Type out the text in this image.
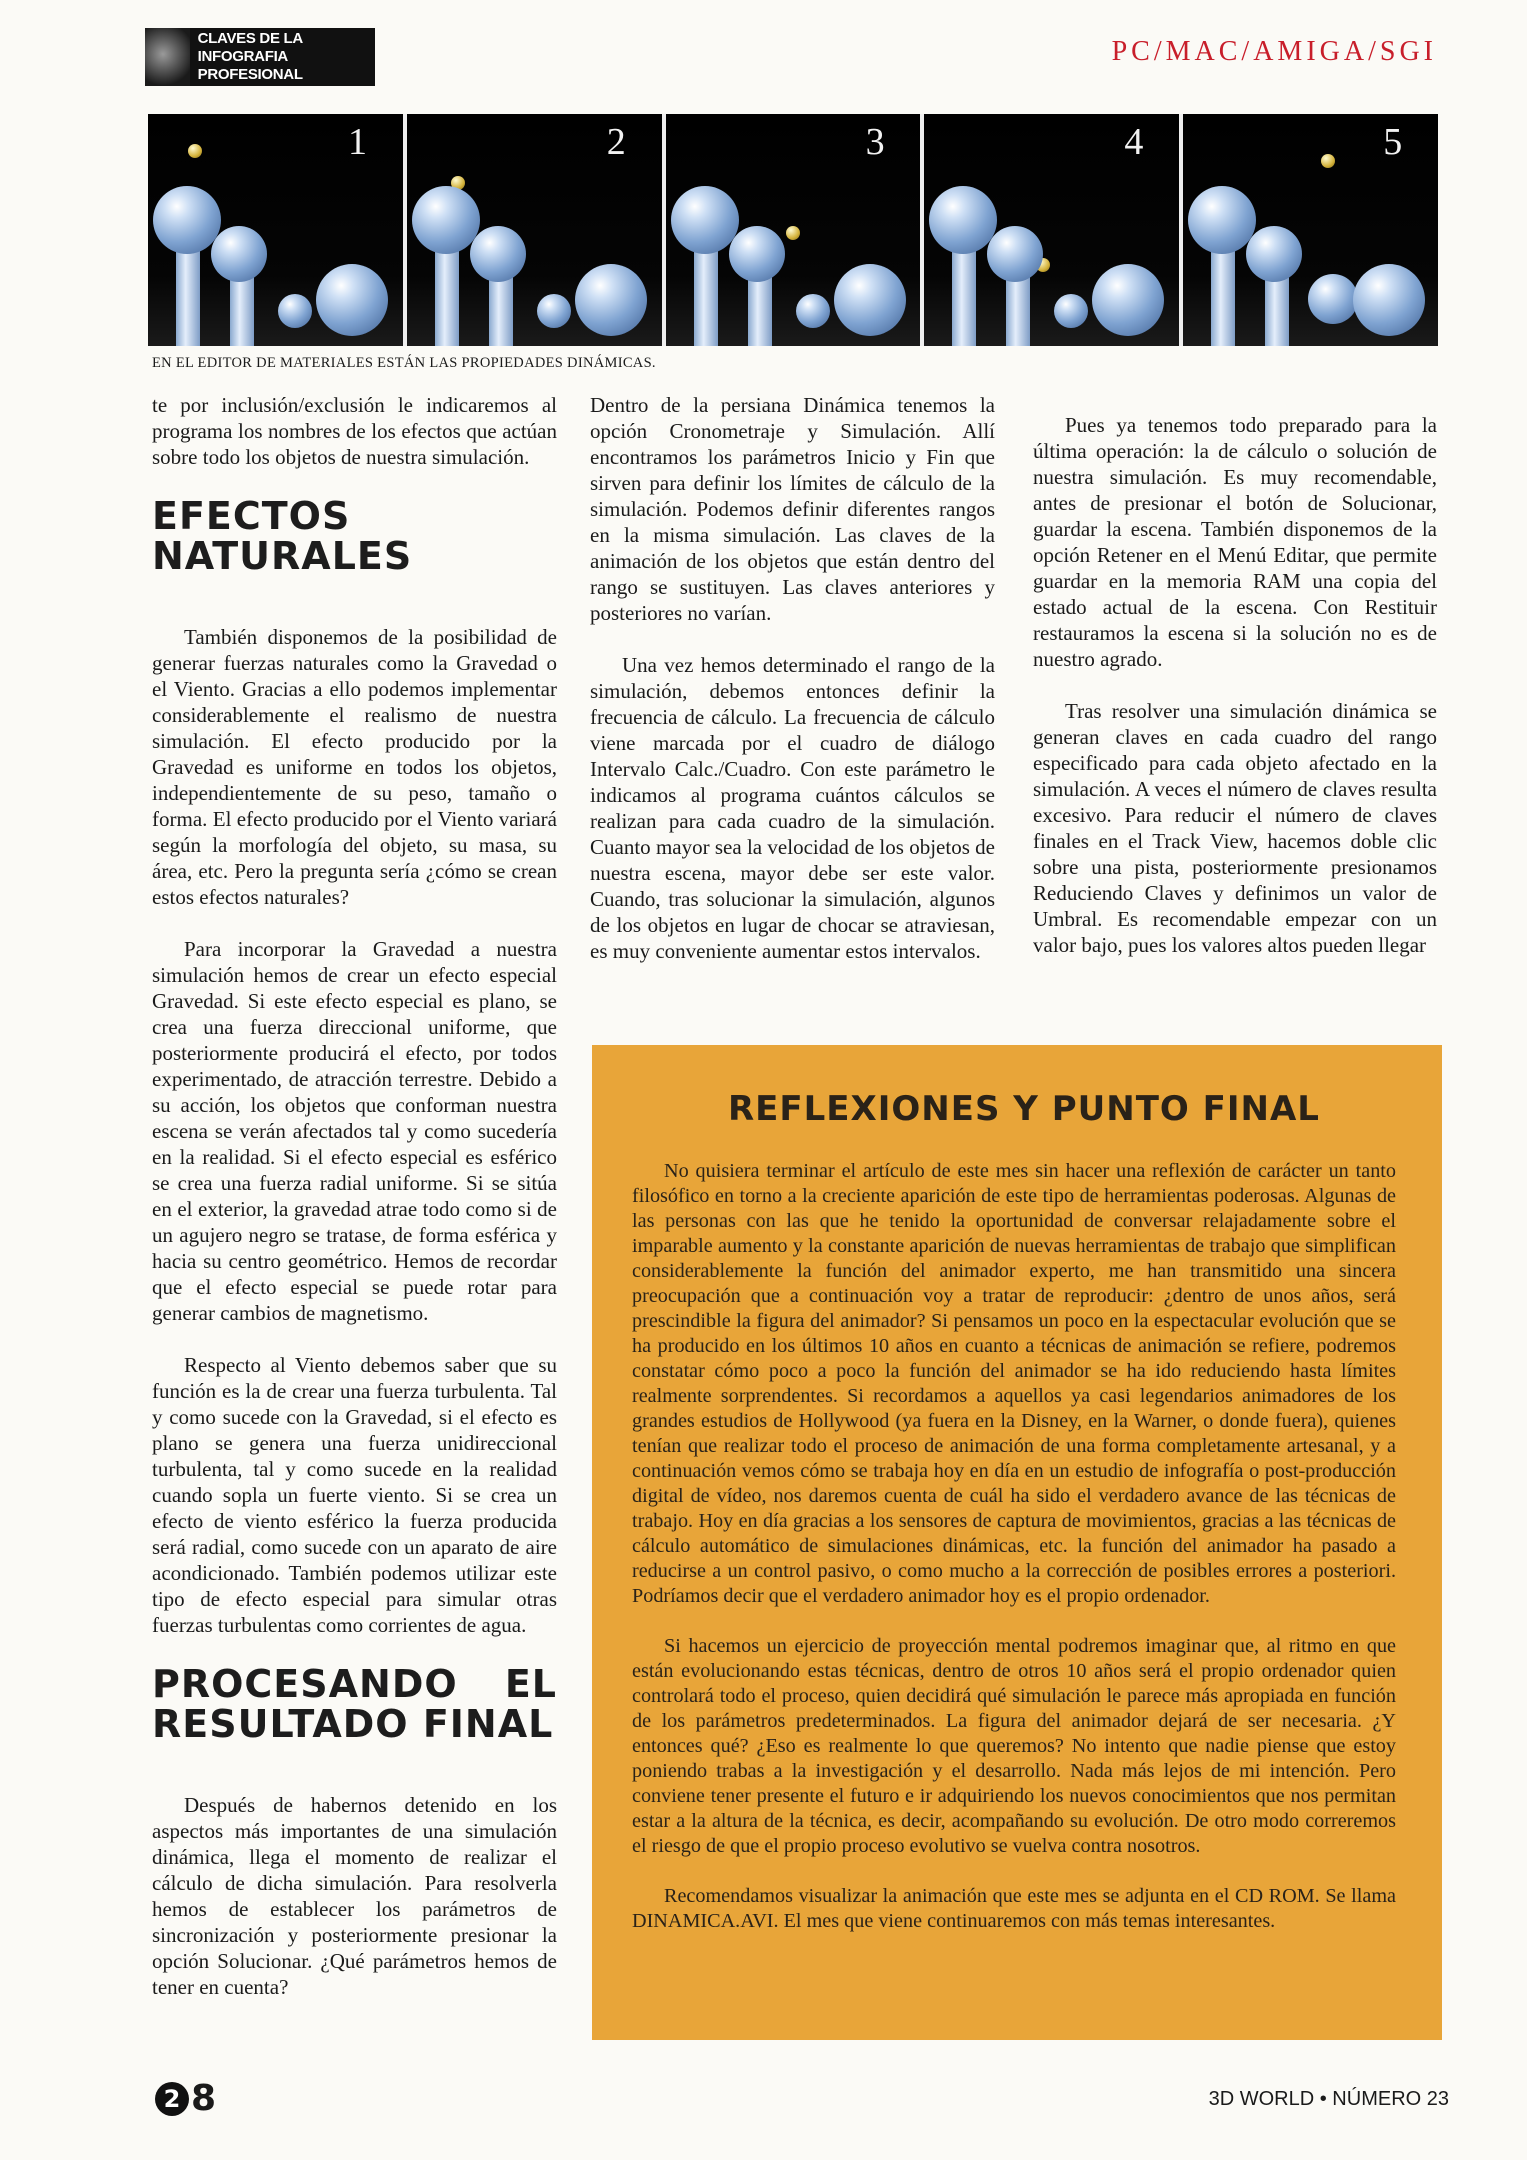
CLAVES DE LA
INFOGRAFIA PROFESIONAL
PC/MAC/AMIGA/SGI
1	2	3	4	5
EN EL EDITOR DE MATERIALES ESTÁN LAS PROPIEDADES DINÁMICAS.

te por inclusión/exclusión le indicaremos al programa los nombres de los efectos que actúan sobre todo los objetos de nuestra simulación.

EFECTOS NATURALES

También disponemos de la posibilidad de generar fuerzas naturales como la Gravedad o el Viento. Gracias a ello podemos implementar considerablemente el realismo de nuestra simulación. El efecto producido por la Gravedad es uniforme en todos los objetos, independientemente de su peso, tamaño o forma. El efecto producido por el Viento variará según la morfología del objeto, su masa, su área, etc. Pero la pregunta sería ¿cómo se crean estos efectos naturales?

Para incorporar la Gravedad a nuestra simulación hemos de crear un efecto especial Gravedad. Si este efecto especial es plano, se crea una fuerza direccional uniforme, que posteriormente producirá el efecto, por todos experimentado, de atracción terrestre. Debido a su acción, los objetos que conforman nuestra escena se verán afectados tal y como sucedería en la realidad. Si el efecto especial es esférico se crea una fuerza radial uniforme. Si se sitúa en el exterior, la gravedad atrae todo como si de un agujero negro se tratase, de forma esférica y hacia su centro geométrico. Hemos de recordar que el efecto especial se puede rotar para generar cambios de magnetismo.

Respecto al Viento debemos saber que su función es la de crear una fuerza turbulenta. Tal y como sucede con la Gravedad, si el efecto es plano se genera una fuerza unidireccional turbulenta, tal y como sucede en la realidad cuando sopla un fuerte viento. Si se crea un efecto de viento esférico la fuerza producida será radial, como sucede con un aparato de aire acondicionado. También podemos utilizar este tipo de efecto especial para simular otras fuerzas turbulentas como corrientes de agua.

PROCESANDO EL RESULTADO FINAL

Después de habernos detenido en los aspectos más importantes de una simulación dinámica, llega el momento de realizar el cálculo de dicha simulación. Para resolverla hemos de establecer los parámetros de sincronización y posteriormente presionar la opción Solucionar. ¿Qué parámetros hemos de tener en cuenta?

Dentro de la persiana Dinámica tenemos la opción Cronometraje y Simulación. Allí encontramos los parámetros Inicio y Fin que sirven para definir los límites de cálculo de la simulación. Podemos definir diferentes rangos en la misma simulación. Las claves de la animación de los objetos que están dentro del rango se sustituyen. Las claves anteriores y posteriores no varían.

Una vez hemos determinado el rango de la simulación, debemos entonces definir la frecuencia de cálculo. La frecuencia de cálculo viene marcada por el cuadro de diálogo Intervalo Calc./Cuadro. Con este parámetro le indicamos al programa cuántos cálculos se realizan para cada cuadro de la simulación. Cuanto mayor sea la velocidad de los objetos de nuestra escena, mayor debe ser este valor. Cuando, tras solucionar la simulación, algunos de los objetos en lugar de chocar se atraviesan, es muy conveniente aumentar estos intervalos.

Pues ya tenemos todo preparado para la última operación: la de cálculo o solución de nuestra simulación. Es muy recomendable, antes de presionar el botón de Solucionar, guardar la escena. También disponemos de la opción Retener en el Menú Editar, que permite guardar en la memoria RAM una copia del estado actual de la escena. Con Restituir restauramos la escena si la solución no es de nuestro agrado.

Tras resolver una simulación dinámica se generan claves en cada cuadro del rango especificado para cada objeto afectado en la simulación. A veces el número de claves resulta excesivo. Para reducir el número de claves finales en el Track View, hacemos doble clic sobre una pista, posteriormente presionamos Reduciendo Claves y definimos un valor de Umbral. Es recomendable empezar con un valor bajo, pues los valores altos pueden llegar

REFLEXIONES Y PUNTO FINAL

No quisiera terminar el artículo de este mes sin hacer una reflexión de carácter un tanto filosófico en torno a la creciente aparición de este tipo de herramientas poderosas. Algunas de las personas con las que he tenido la oportunidad de conversar relajadamente sobre el imparable aumento y la constante aparición de nuevas herramientas de trabajo que simplifican considerablemente la función del animador experto, me han transmitido una sincera preocupación que a continuación voy a tratar de reproducir: ¿dentro de unos años, será prescindible la figura del animador? Si pensamos un poco en la espectacular evolución que se ha producido en los últimos 10 años en cuanto a técnicas de animación se refiere, podremos constatar cómo poco a poco la función del animador se ha ido reduciendo hasta límites realmente sorprendentes. Si recordamos a aquellos ya casi legendarios animadores de los grandes estudios de Hollywood (ya fuera en la Disney, en la Warner, o donde fuera), quienes tenían que realizar todo el proceso de animación de una forma completamente artesanal, y a continuación vemos cómo se trabaja hoy en día en un estudio de infografía o post-producción digital de vídeo, nos daremos cuenta de cuál ha sido el verdadero avance de las técnicas de trabajo. Hoy en día gracias a los sensores de captura de movimientos, gracias a las técnicas de cálculo automático de simulaciones dinámicas, etc. la función del animador ha pasado a reducirse a un control pasivo, o como mucho a la corrección de posibles errores a posteriori. Podríamos decir que el verdadero animador hoy es el propio ordenador.

Si hacemos un ejercicio de proyección mental podremos imaginar que, al ritmo en que están evolucionando estas técnicas, dentro de otros 10 años será el propio ordenador quien controlará todo el proceso, quien decidirá qué simulación le parece más apropiada en función de los parámetros predeterminados. La figura del animador dejará de ser necesaria. ¿Y entonces qué? ¿Eso es realmente lo que queremos? No intento que nadie piense que estoy poniendo trabas a la investigación y el desarrollo. Nada más lejos de mi intención. Pero conviene tener presente el futuro e ir adquiriendo los nuevos conocimientos que nos permitan estar a la altura de la técnica, es decir, acompañando su evolución. De otro modo correremos el riesgo de que el propio proceso evolutivo se vuelva contra nosotros.

Recomendamos visualizar la animación que este mes se adjunta en el CD ROM. Se llama DINAMICA.AVI. El mes que viene continuaremos con más temas interesantes.

2 8	3D WORLD • NÚMERO 23
